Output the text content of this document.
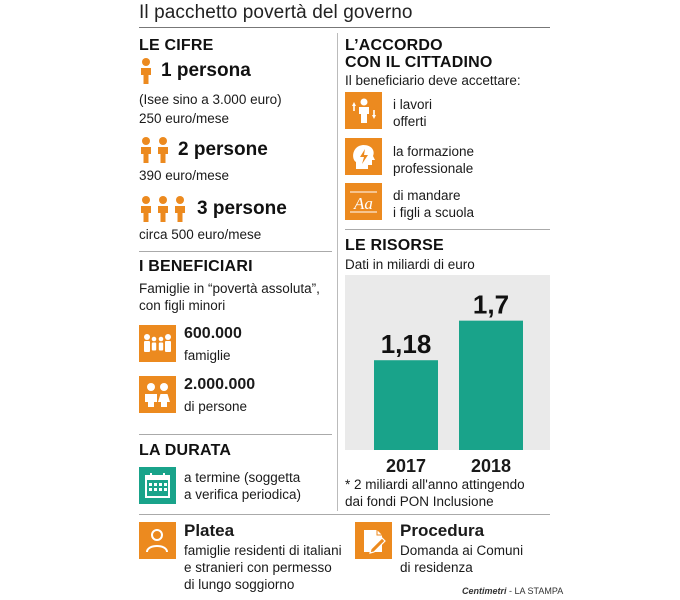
Il pacchetto povertà del governo
LE CIFRE
1 persona
(Isee sino a 3.000 euro)
250 euro/mese
2 persone
390 euro/mese
3 persone
circa 500 euro/mese
I BENEFICIARI
Famiglie in “povertà assoluta”,
con figli minori
600.000
famiglie
2.000.000
di persone
LA DURATA
a termine (soggetta
a verifica periodica)
Platea
famiglie residenti di italiani
e stranieri con permesso
di lungo soggiorno
L’ACCORDO
CON IL CITTADINO
Il beneficiario deve accettare:
i lavori
offerti
la formazione
professionale
Aa di mandare
i figli a scuola
LE RISORSE
Dati in miliardi di euro
1,18
1,7
2017	2018
* 2 miliardi all'anno attingendo
dai fondi PON Inclusione
Procedura
Domanda ai Comuni
di residenza
Centimetri - LA STAMPA
